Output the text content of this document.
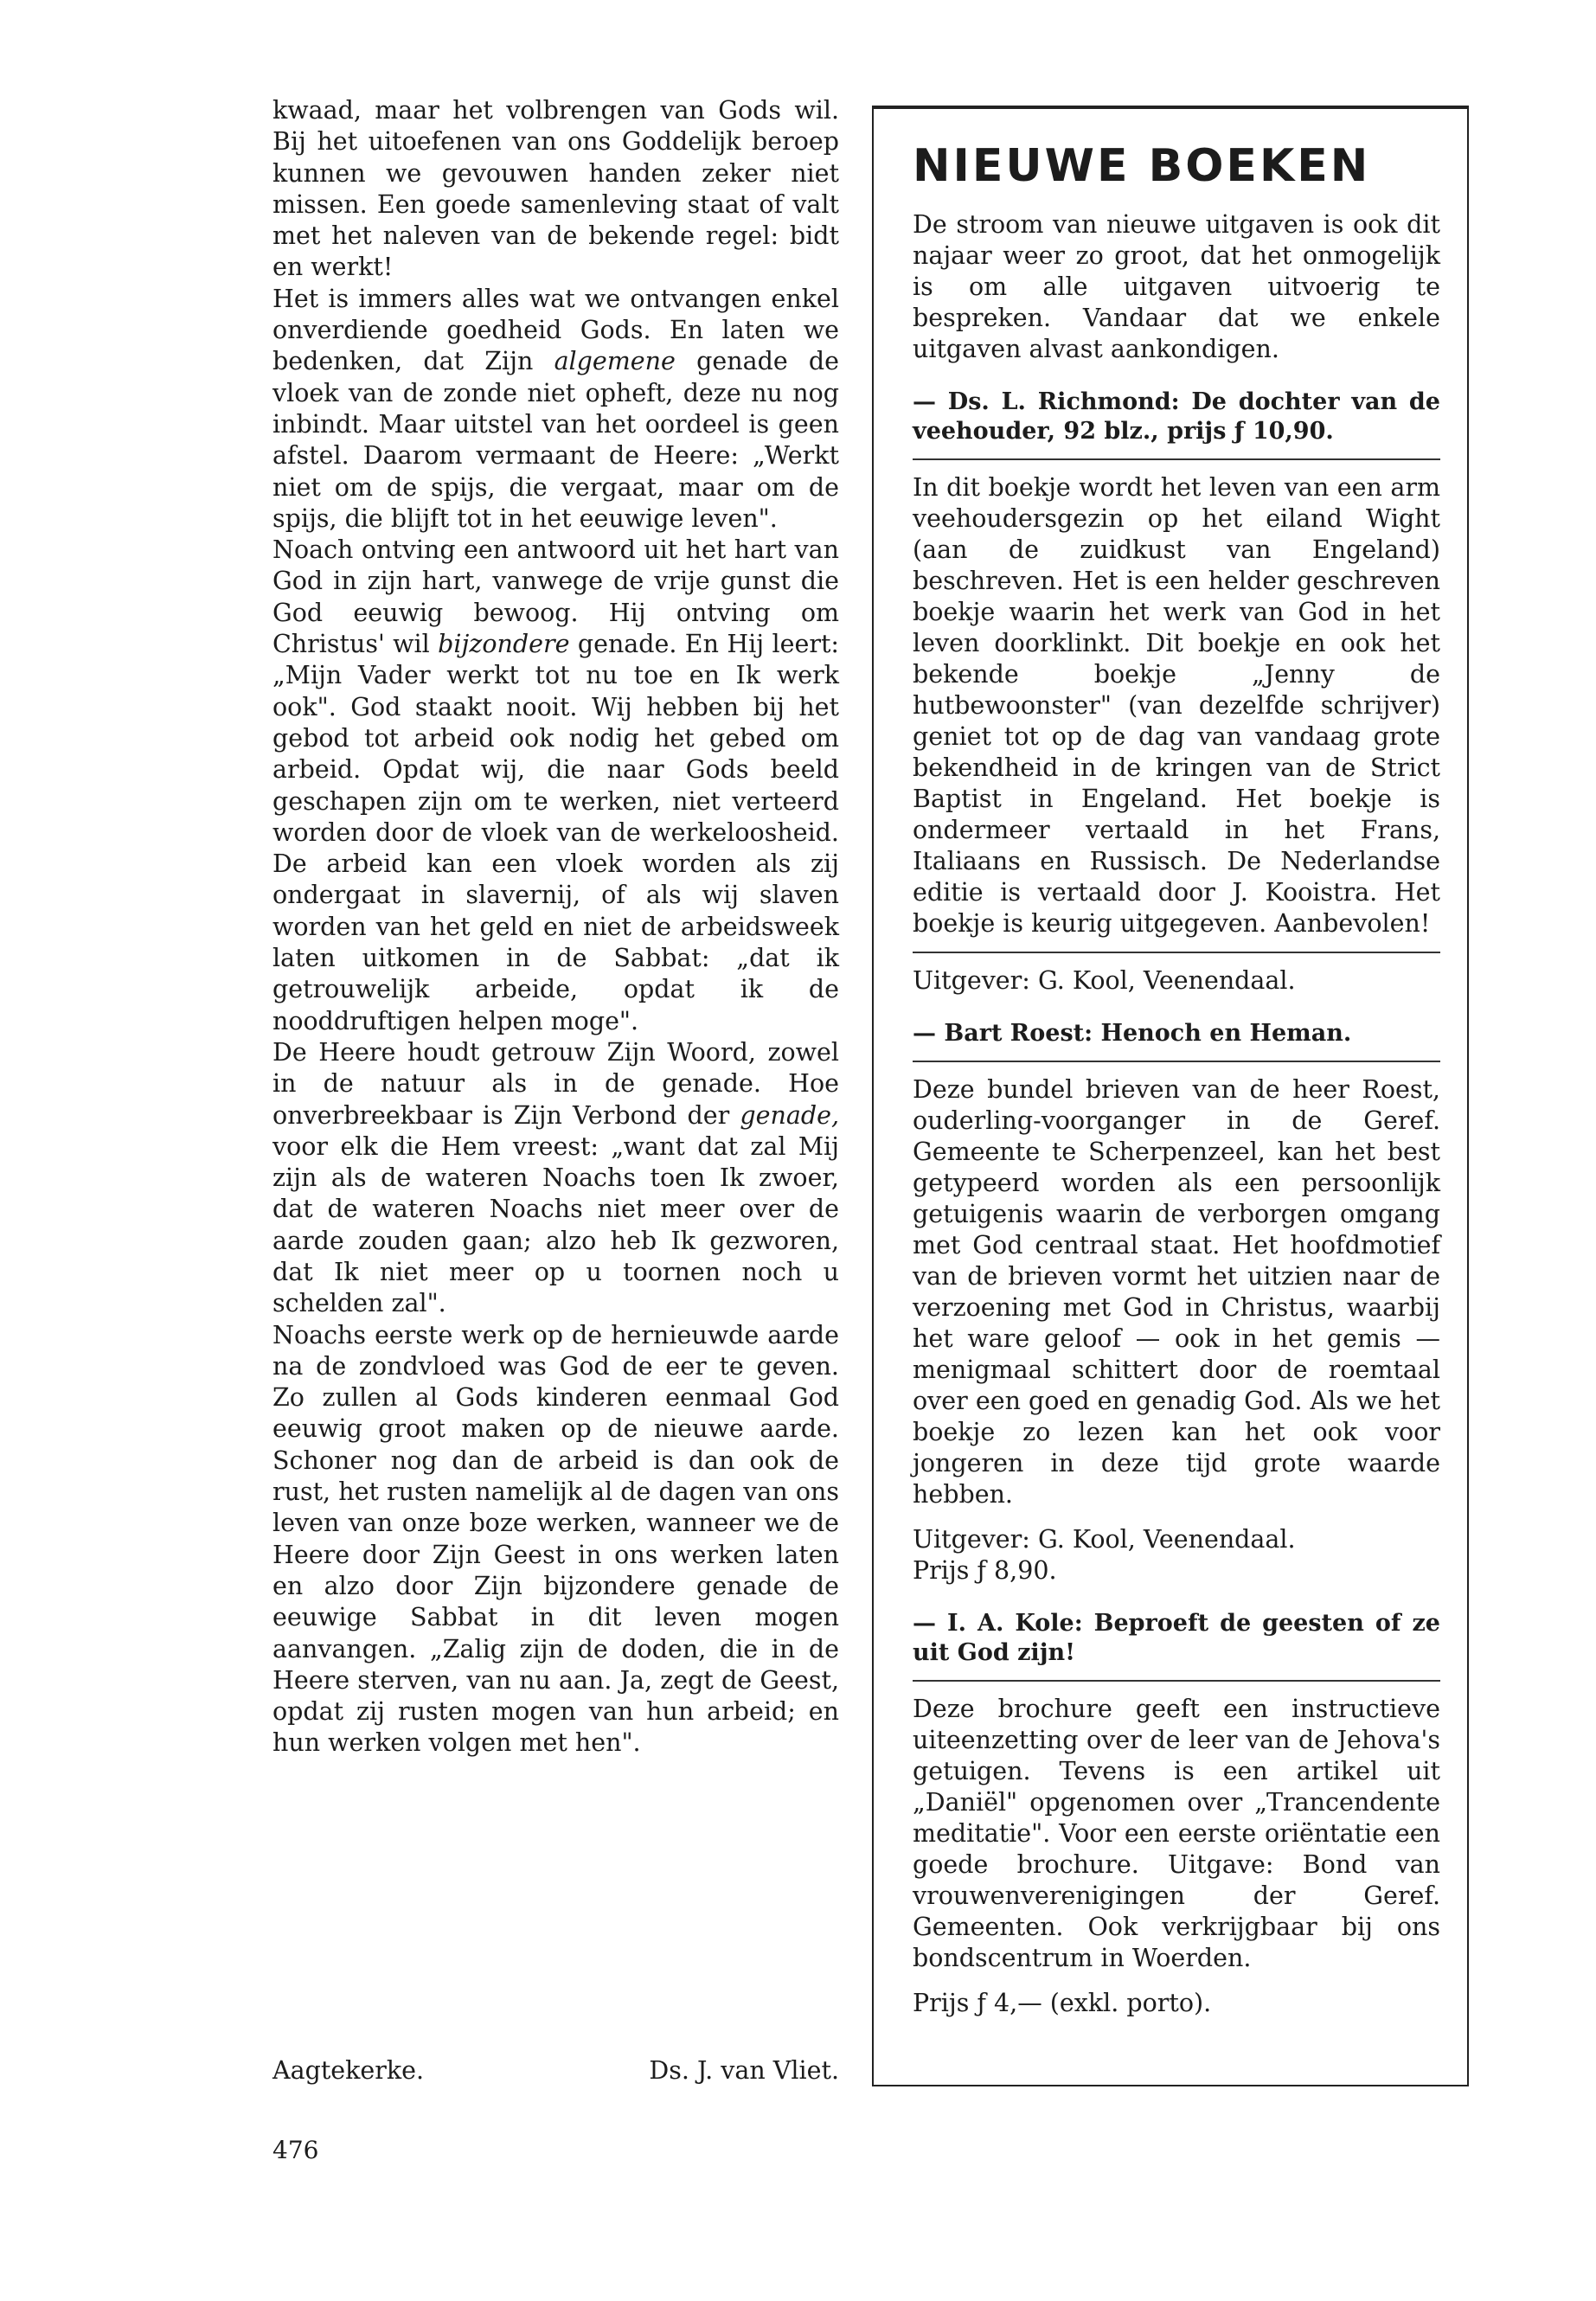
kwaad, maar het volbrengen van Gods wil. Bij het uitoefenen van ons Goddelijk beroep kunnen we gevouwen handen zeker niet missen. Een goede samenleving staat of valt met het naleven van de bekende regel: bidt en werkt!

Het is immers alles wat we ontvangen enkel onverdiende goedheid Gods. En laten we bedenken, dat Zijn algemene genade de vloek van de zonde niet opheft, deze nu nog inbindt. Maar uitstel van het oordeel is geen afstel. Daarom vermaant de Heere: „Werkt niet om de spijs, die vergaat, maar om de spijs, die blijft tot in het eeuwige leven".

Noach ontving een antwoord uit het hart van God in zijn hart, vanwege de vrije gunst die God eeuwig bewoog. Hij ontving om Christus' wil bijzondere genade. En Hij leert: „Mijn Vader werkt tot nu toe en Ik werk ook". God staakt nooit. Wij hebben bij het gebod tot arbeid ook nodig het gebed om arbeid. Opdat wij, die naar Gods beeld geschapen zijn om te werken, niet verteerd worden door de vloek van de werkeloosheid. De arbeid kan een vloek worden als zij ondergaat in slavernij, of als wij slaven worden van het geld en niet de arbeidsweek laten uitkomen in de Sabbat: „dat ik getrouwelijk arbeide, opdat ik de nooddruftigen helpen moge".

De Heere houdt getrouw Zijn Woord, zowel in de natuur als in de genade. Hoe onverbreekbaar is Zijn Verbond der genade, voor elk die Hem vreest: „want dat zal Mij zijn als de wateren Noachs toen Ik zwoer, dat de wateren Noachs niet meer over de aarde zouden gaan; alzo heb Ik gezworen, dat Ik niet meer op u toornen noch u schelden zal".

Noachs eerste werk op de hernieuwde aarde na de zondvloed was God de eer te geven. Zo zullen al Gods kinderen eenmaal God eeuwig groot maken op de nieuwe aarde. Schoner nog dan de arbeid is dan ook de rust, het rusten namelijk al de dagen van ons leven van onze boze werken, wanneer we de Heere door Zijn Geest in ons werken laten en alzo door Zijn bijzondere genade de eeuwige Sabbat in dit leven mogen aanvangen. „Zalig zijn de doden, die in de Heere sterven, van nu aan. Ja, zegt de Geest, opdat zij rusten mogen van hun arbeid; en hun werken volgen met hen".

Aagtekerke.	Ds. J. van Vliet.
476
NIEUWE BOEKEN

De stroom van nieuwe uitgaven is ook dit najaar weer zo groot, dat het onmogelijk is om alle uitgaven uitvoerig te bespreken. Vandaar dat we enkele uitgaven alvast aankondigen.

— Ds. L. Richmond: De dochter van de veehouder, 92 blz., prijs ƒ 10,90.

In dit boekje wordt het leven van een arm veehoudersgezin op het eiland Wight (aan de zuidkust van Engeland) beschreven. Het is een helder geschreven boekje waarin het werk van God in het leven doorklinkt. Dit boekje en ook het bekende boekje „Jenny de hutbewoonster" (van dezelfde schrijver) geniet tot op de dag van vandaag grote bekendheid in de kringen van de Strict Baptist in Engeland. Het boekje is ondermeer vertaald in het Frans, Italiaans en Russisch. De Nederlandse editie is vertaald door J. Kooistra. Het boekje is keurig uitgegeven. Aanbevolen!

Uitgever: G. Kool, Veenendaal.

— Bart Roest: Henoch en Heman.

Deze bundel brieven van de heer Roest, ouderling-voorganger in de Geref. Gemeente te Scherpenzeel, kan het best getypeerd worden als een persoonlijk getuigenis waarin de verborgen omgang met God centraal staat. Het hoofdmotief van de brieven vormt het uitzien naar de verzoening met God in Christus, waarbij het ware geloof — ook in het gemis — menigmaal schittert door de roemtaal over een goed en genadig God. Als we het boekje zo lezen kan het ook voor jongeren in deze tijd grote waarde hebben.

Uitgever: G. Kool, Veenendaal.

Prijs ƒ 8,90.

— I. A. Kole: Beproeft de geesten of ze uit God zijn!

Deze brochure geeft een instructieve uiteenzetting over de leer van de Jehova's getuigen. Tevens is een artikel uit „Daniël" opgenomen over „Trancendente meditatie". Voor een eerste oriëntatie een goede brochure. Uitgave: Bond van vrouwenverenigingen der Geref. Gemeenten. Ook verkrijgbaar bij ons bondscentrum in Woerden.

Prijs ƒ 4,— (exkl. porto).
